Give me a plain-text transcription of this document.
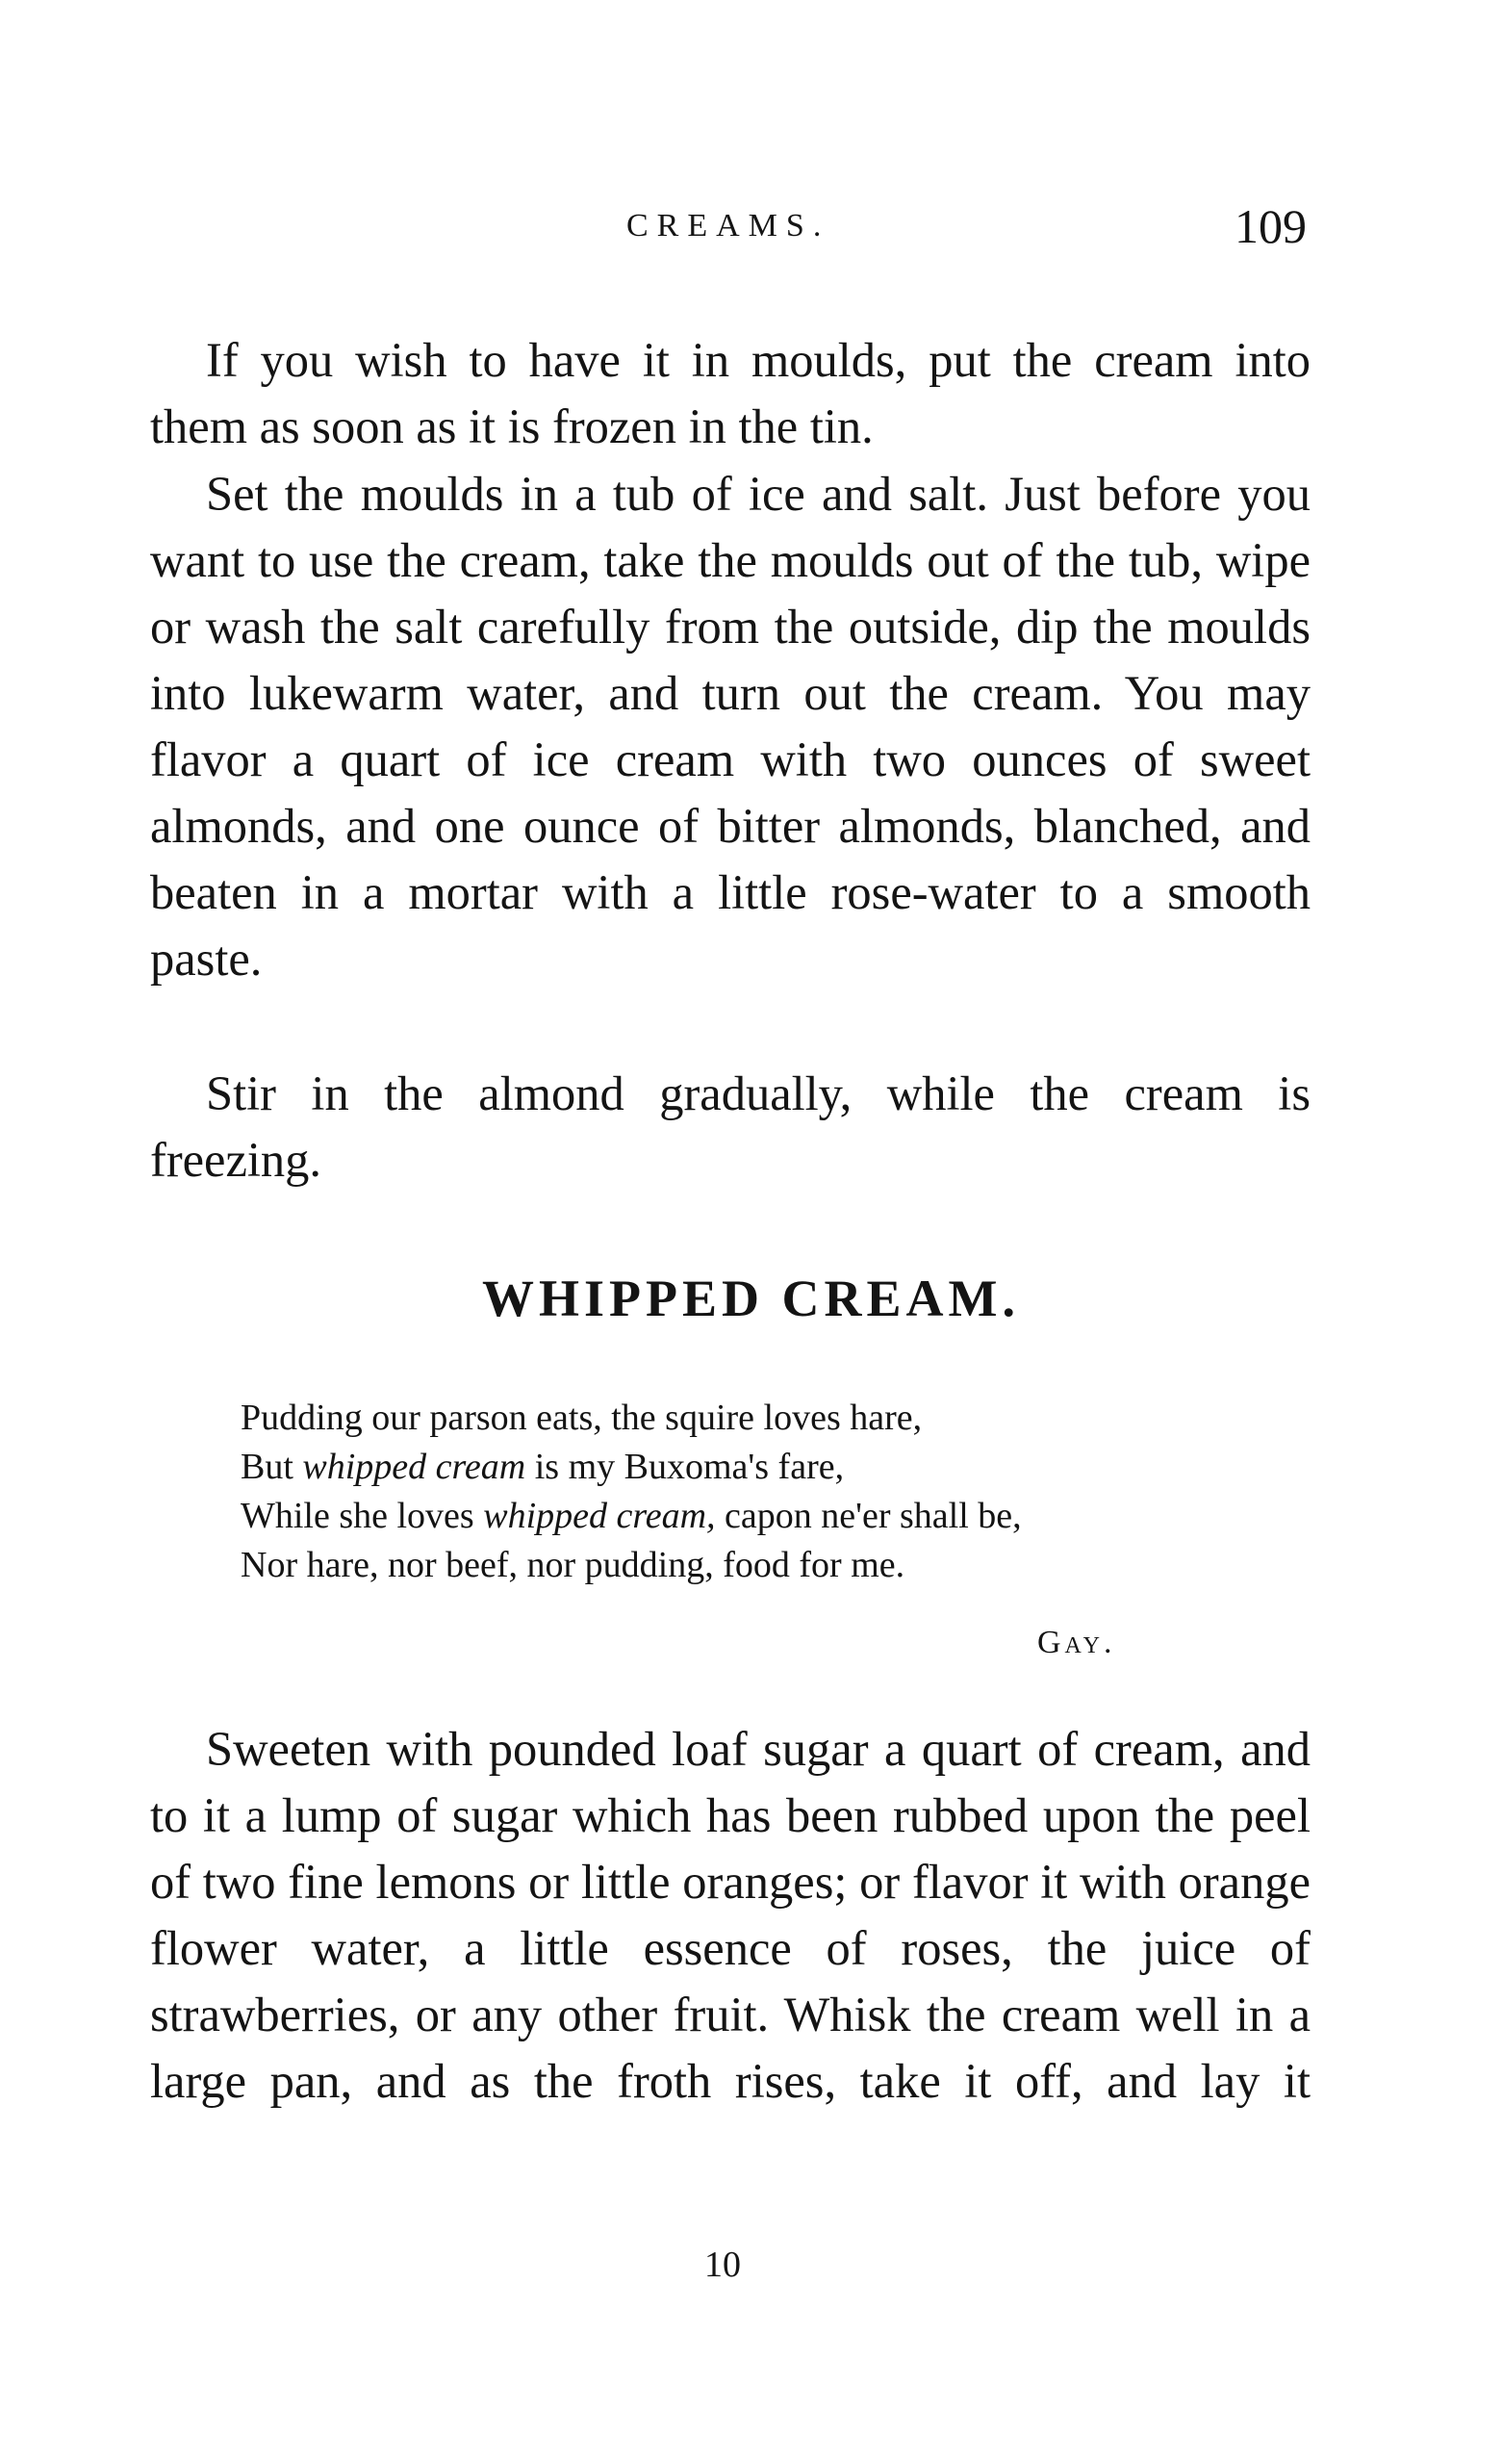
CREAMS.	109

If you wish to have it in moulds, put the cream into them as soon as it is frozen in the tin.

Set the moulds in a tub of ice and salt. Just before you want to use the cream, take the moulds out of the tub, wipe or wash the salt carefully from the outside, dip the moulds into lukewarm water, and turn out the cream. You may flavor a quart of ice cream with two ounces of sweet almonds, and one ounce of bitter almonds, blanched, and beaten in a mortar with a little rose-water to a smooth paste.

Stir in the almond gradually, while the cream is freezing.

WHIPPED CREAM.
Pudding our parson eats, the squire loves hare,
But whipped cream is my Buxoma's fare,
While she loves whipped cream, capon ne'er shall be,
Nor hare, nor beef, nor pudding, food for me.
Gay.

Sweeten with pounded loaf sugar a quart of cream, and to it a lump of sugar which has been rubbed upon the peel of two fine lemons or little oranges; or flavor it with orange flower water, a little essence of roses, the juice of strawberries, or any other fruit. Whisk the cream well in a large pan, and as the froth rises, take it off, and lay it

10
